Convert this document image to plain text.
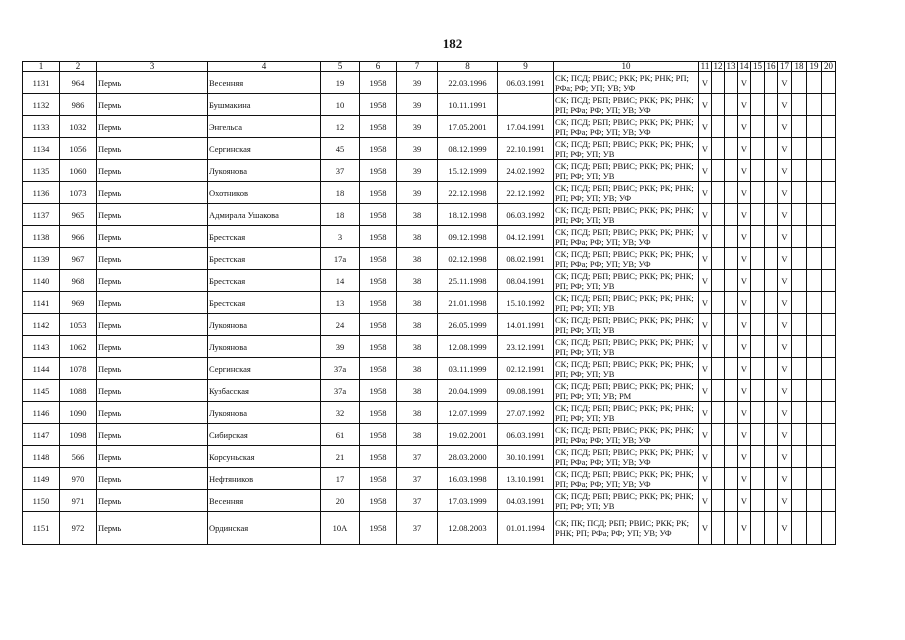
182
1	2	3	4	5	6	7	8	9	10	11	12	13	14	15	16	17	18	19	20
1131	964	Пермь	Весенняя	19	1958	39	22.03.1996	06.03.1991	СК; ПСД; РВИС; РКК; РК; РНК; РП; РФа; РФ; УП; УВ; УФ	V			V			V			
1132	986	Пермь	Бушмакина	10	1958	39	10.11.1991		СК; ПСД; РБП; РВИС; РКК; РК; РНК; РП; РФа; РФ; УП; УВ; УФ	V			V			V			
1133	1032	Пермь	Энгельса	12	1958	39	17.05.2001	17.04.1991	СК; ПСД; РБП; РВИС; РКК; РК; РНК; РП; РФа; РФ; УП; УВ; УФ	V			V			V			
1134	1056	Пермь	Сергинская	45	1958	39	08.12.1999	22.10.1991	СК; ПСД; РБП; РВИС; РКК; РК; РНК; РП; РФ; УП; УВ	V			V			V			
1135	1060	Пермь	Лукоянова	37	1958	39	15.12.1999	24.02.1992	СК; ПСД; РБП; РВИС; РКК; РК; РНК; РП; РФ; УП; УВ	V			V			V			
1136	1073	Пермь	Охотников	18	1958	39	22.12.1998	22.12.1992	СК; ПСД; РБП; РВИС; РКК; РК; РНК; РП; РФ; УП; УВ; УФ	V			V			V			
1137	965	Пермь	Адмирала Ушакова	18	1958	38	18.12.1998	06.03.1992	СК; ПСД; РБП; РВИС; РКК; РК; РНК; РП; РФ; УП; УВ	V			V			V			
1138	966	Пермь	Брестская	3	1958	38	09.12.1998	04.12.1991	СК; ПСД; РБП; РВИС; РКК; РК; РНК; РП; РФа; РФ; УП; УВ; УФ	V			V			V			
1139	967	Пермь	Брестская	17а	1958	38	02.12.1998	08.02.1991	СК; ПСД; РБП; РВИС; РКК; РК; РНК; РП; РФа; РФ; УП; УВ; УФ	V			V			V			
1140	968	Пермь	Брестская	14	1958	38	25.11.1998	08.04.1991	СК; ПСД; РБП; РВИС; РКК; РК; РНК; РП; РФ; УП; УВ	V			V			V			
1141	969	Пермь	Брестская	13	1958	38	21.01.1998	15.10.1992	СК; ПСД; РБП; РВИС; РКК; РК; РНК; РП; РФ; УП; УВ	V			V			V			
1142	1053	Пермь	Лукоянова	24	1958	38	26.05.1999	14.01.1991	СК; ПСД; РБП; РВИС; РКК; РК; РНК; РП; РФ; УП; УВ	V			V			V			
1143	1062	Пермь	Лукоянова	39	1958	38	12.08.1999	23.12.1991	СК; ПСД; РБП; РВИС; РКК; РК; РНК; РП; РФ; УП; УВ	V			V			V			
1144	1078	Пермь	Сергинская	37а	1958	38	03.11.1999	02.12.1991	СК; ПСД; РБП; РВИС; РКК; РК; РНК; РП; РФ; УП; УВ	V			V			V			
1145	1088	Пермь	Кузбасская	37а	1958	38	20.04.1999	09.08.1991	СК; ПСД; РБП; РВИС; РКК; РК; РНК; РП; РФ; УП; УВ; РМ	V			V			V			
1146	1090	Пермь	Лукоянова	32	1958	38	12.07.1999	27.07.1992	СК; ПСД; РБП; РВИС; РКК; РК; РНК; РП; РФ; УП; УВ	V			V			V			
1147	1098	Пермь	Сибирская	61	1958	38	19.02.2001	06.03.1991	СК; ПСД; РБП; РВИС; РКК; РК; РНК; РП; РФа; РФ; УП; УВ; УФ	V			V			V			
1148	566	Пермь	Корсуньская	21	1958	37	28.03.2000	30.10.1991	СК; ПСД; РБП; РВИС; РКК; РК; РНК; РП; РФа; РФ; УП; УВ; УФ	V			V			V			
1149	970	Пермь	Нефтяников	17	1958	37	16.03.1998	13.10.1991	СК; ПСД; РБП; РВИС; РКК; РК; РНК; РП; РФа; РФ; УП; УВ; УФ	V			V			V			
1150	971	Пермь	Весенняя	20	1958	37	17.03.1999	04.03.1991	СК; ПСД; РБП; РВИС; РКК; РК; РНК; РП; РФ; УП; УВ	V			V			V			
1151	972	Пермь	Ординская	10А	1958	37	12.08.2003	01.01.1994	СК; ПК; ПСД; РБП; РВИС; РКК; РК; РНК; РП; РФа; РФ; УП; УВ; УФ	V			V			V			
